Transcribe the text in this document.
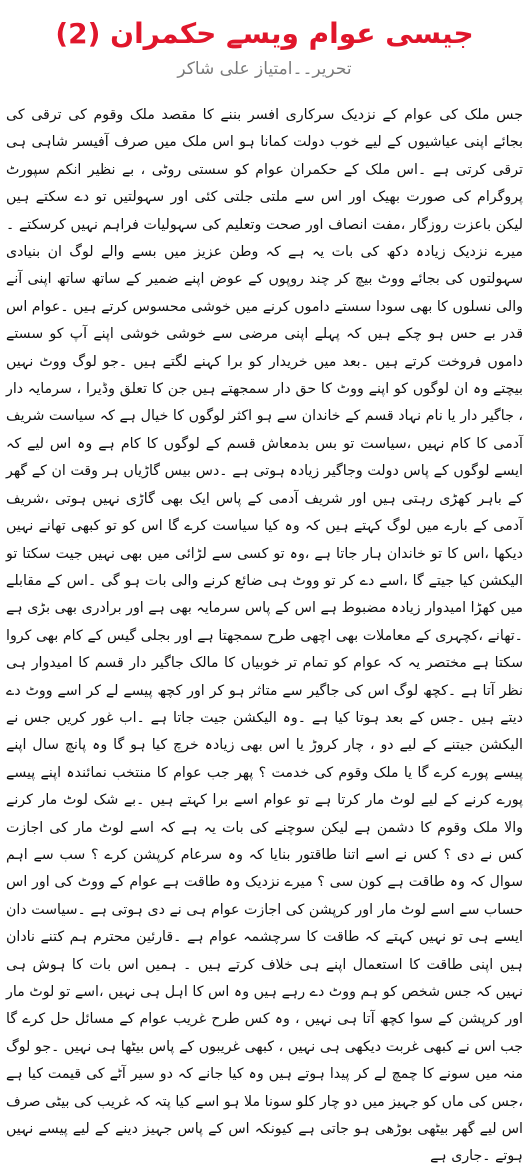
جیسی عوام ویسے حکمران (2)
تحریر۔۔امتیاز علی شاکر

جس ملک کی عوام کے نزدیک سرکاری افسر بننے کا مقصد ملک وقوم کی ترقی کی بجائے اپنی عیاشیوں کے لیے خوب دولت کمانا ہو اس ملک میں صرف آفیسر شاہی ہی ترقی کرتی ہے ۔اس ملک کے حکمران عوام کو سستی روٹی ، بے نظیر انکم سپورٹ پروگرام کی صورت بھیک اور اس سے ملتی جلتی کئی اور سہولتیں تو دے سکتے ہیں لیکن باعزت روزگار ،مفت انصاف اور صحت وتعلیم کی سہولیات فراہم نہیں کرسکتے ۔میرے نزدیک زیادہ دکھ کی بات یہ ہے کہ وطن عزیز میں بسے والے لوگ ان بنیادی سہولتوں کی بجائے ووٹ بیچ کر چند روپوں کے عوض اپنے ضمیر کے ساتھ ساتھ اپنی آنے والی نسلوں کا بھی سودا سستے داموں کرنے میں خوشی محسوس کرتے ہیں ۔عوام اس قدر بے حس ہو چکے ہیں کہ پہلے اپنی مرضی سے خوشی خوشی اپنے آپ کو سستے داموں فروخت کرتے ہیں ۔بعد میں خریدار کو برا کہنے لگتے ہیں ۔جو لوگ ووٹ نہیں بیچتے وہ ان لوگوں کو اپنے ووٹ کا حق دار سمجھتے ہیں جن کا تعلق وڈیرا ، سرمایہ دار ، جاگیر دار یا نام نہاد قسم کے خاندان سے ہو اکثر لوگوں کا خیال ہے کہ سیاست شریف آدمی کا کام نہیں ،سیاست تو بس بدمعاش قسم کے لوگوں کا کام ہے وہ اس لیے کہ ایسے لوگوں کے پاس دولت وجاگیر زیادہ ہوتی ہے ۔دس بیس گاڑیاں ہر وقت ان کے گھر کے باہر کھڑی رہتی ہیں اور شریف آدمی کے پاس ایک بھی گاڑی نہیں ہوتی ،شریف آدمی کے بارے میں لوگ کہتے ہیں کہ وہ کیا سیاست کرے گا اس کو تو کبھی تھانے نہیں دیکھا ،اس کا تو خاندان ہار جاتا ہے ،وہ تو کسی سے لڑائی میں بھی نہیں جیت سکتا تو الیکشن کیا جیتے گا ،اسے دے کر تو ووٹ ہی ضائع کرنے والی بات ہو گی ۔اس کے مقابلے میں کھڑا امیدوار زیادہ مضبوط ہے اس کے پاس سرمایہ بھی ہے اور برادری بھی بڑی ہے ۔تھانے ،کچہری کے معاملات بھی اچھی طرح سمجھتا ہے اور بجلی گیس کے کام بھی کروا سکتا ہے مختصر یہ کہ عوام کو تمام تر خوبیاں کا مالک جاگیر دار قسم کا امیدوار ہی نظر آتا ہے ۔کچھ لوگ اس کی جاگیر سے متاثر ہو کر اور کچھ پیسے لے کر اسے ووٹ دے دیتے ہیں ۔جس کے بعد ہوتا کیا ہے ۔وہ الیکشن جیت جاتا ہے ۔اب غور کریں جس نے الیکشن جیتنے کے لیے دو ، چار کروڑ یا اس بھی زیادہ خرچ کیا ہو گا وہ پانچ سال اپنے پیسے پورے کرے گا یا ملک وقوم کی خدمت ؟ پھر جب عوام کا منتخب نمائندہ اپنے پیسے پورے کرنے کے لیے لوٹ مار کرتا ہے تو عوام اسے برا کہتے ہیں ۔بے شک لوٹ مار کرنے والا ملک وقوم کا دشمن ہے لیکن سوچنے کی بات یہ ہے کہ اسے لوٹ مار کی اجازت کس نے دی ؟ کس نے اسے اتنا طاقتور بنایا کہ وہ سرعام کرپشن کرے ؟ سب سے اہم سوال کہ وہ طاقت ہے کون سی ؟ میرے نزدیک وہ طاقت ہے عوام کے ووٹ کی اور اس حساب سے اسے لوٹ مار اور کرپشن کی اجازت عوام ہی نے دی ہوتی ہے ۔سیاست دان ایسے ہی تو نہیں کہتے کہ طاقت کا سرچشمہ عوام ہے ۔قارئین محترم ہم کتنے نادان ہیں اپنی طاقت کا استعمال اپنے ہی خلاف کرتے ہیں ۔ ہمیں اس بات کا ہوش ہی نہیں کہ جس شخص کو ہم ووٹ دے رہے ہیں وہ اس کا اہل ہی نہیں ،اسے تو لوٹ مار اور کرپشن کے سوا کچھ آتا ہی نہیں ، وہ کس طرح غریب عوام کے مسائل حل کرے گا جب اس نے کبھی غربت دیکھی ہی نہیں ، کبھی غریبوں کے پاس بیٹھا ہی نہیں ۔جو لوگ منہ میں سونے کا چمچ لے کر پیدا ہوتے ہیں وہ کیا جانے کہ دو سیر آٹے کی قیمت کیا ہے ،جس کی ماں کو جہیز میں دو چار کلو سونا ملا ہو اسے کیا پتہ کہ غریب کی بیٹی صرف اس لیے گھر بیٹھی بوڑھی ہو جاتی ہے کیونکہ اس کے پاس جہیز دینے کے لیے پیسے نہیں ہوتے ۔جاری ہے
